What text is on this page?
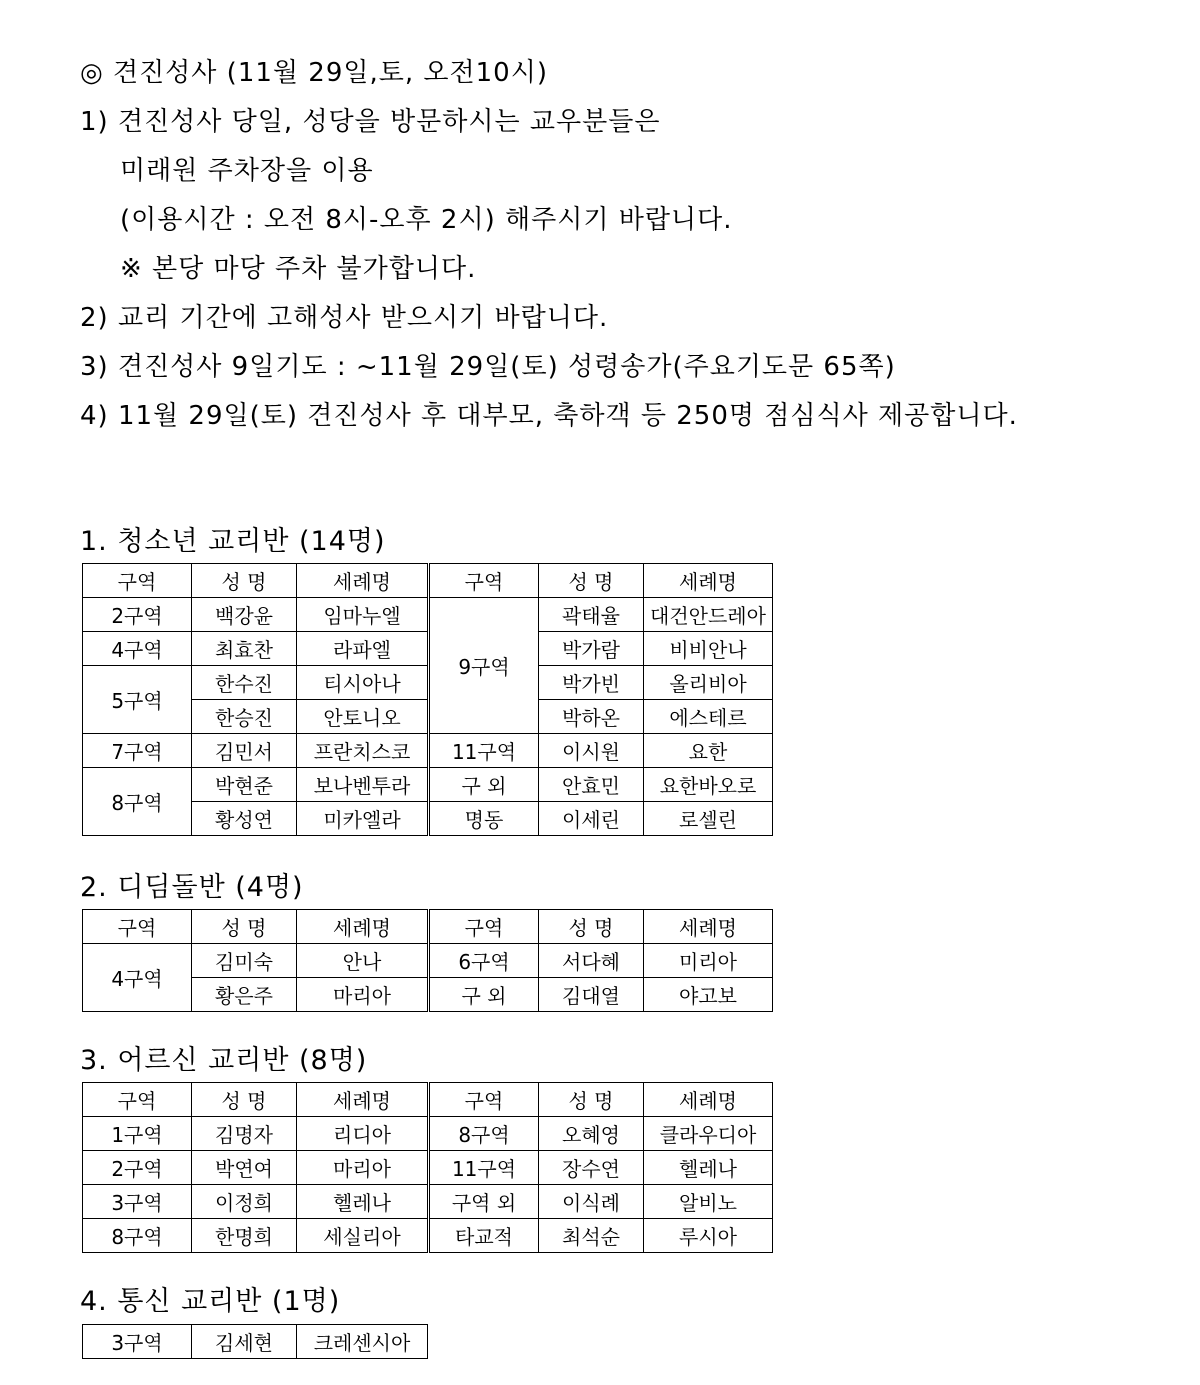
◎ 견진성사 (11월 29일,토, 오전10시)
1) 견진성사 당일, 성당을 방문하시는 교우분들은
미래원 주차장을 이용
(이용시간 : 오전 8시-오후 2시) 해주시기 바랍니다.
※ 본당 마당 주차 불가합니다.
2) 교리 기간에 고해성사 받으시기 바랍니다.
3) 견진성사 9일기도 : ~11월 29일(토) 성령송가(주요기도문 65쪽)
4) 11월 29일(토) 견진성사 후 대부모, 축하객 등 250명 점심식사 제공합니다.
1. 청소년 교리반 (14명)
구역	성 명	세례명	구역	성 명	세례명
2구역	백강윤	임마누엘	9구역	곽태율	대건안드레아
4구역	최효찬	라파엘		박가람	비비안나
5구역	한수진	티시아나		박가빈	올리비아
	한승진	안토니오		박하온	에스테르
7구역	김민서	프란치스코	11구역	이시원	요한
8구역	박현준	보나벤투라	구 외	안효민	요한바오로
	황성연	미카엘라	명동	이세린	로셀린
2. 디딤돌반 (4명)
구역	성 명	세례명	구역	성 명	세례명
4구역	김미숙	안나	6구역	서다혜	미리아
	황은주	마리아	구 외	김대열	야고보
3. 어르신 교리반 (8명)
구역	성 명	세례명	구역	성 명	세례명
1구역	김명자	리디아	8구역	오혜영	클라우디아
2구역	박연여	마리아	11구역	장수연	헬레나
3구역	이정희	헬레나	구역 외	이식례	알비노
8구역	한명희	세실리아	타교적	최석순	루시아
4. 통신 교리반 (1명)
3구역	김세현	크레센시아
